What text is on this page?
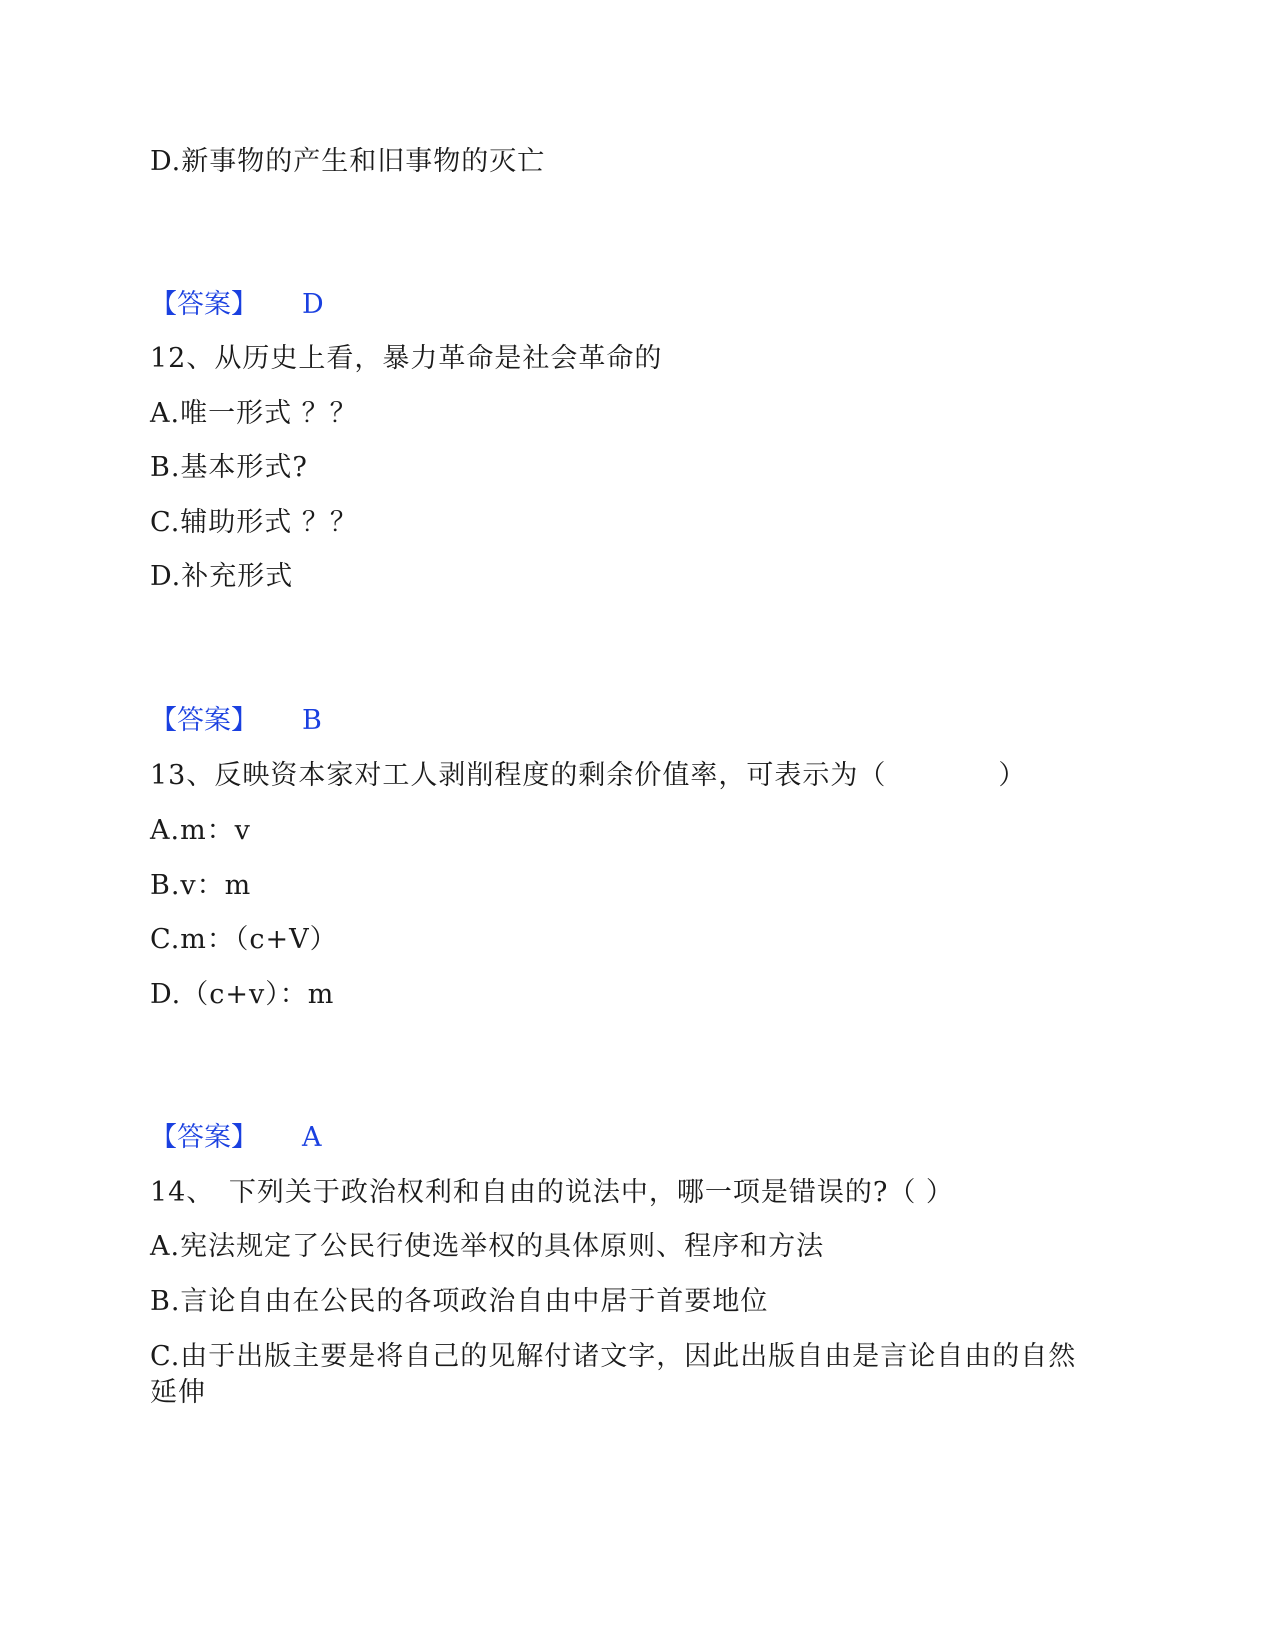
D.新事物的产生和旧事物的灭亡
【答案】 D
12、从历史上看，暴力革命是社会革命的
A.唯一形式 ？？
B.基本形式?
C.辅助形式 ？？
D.补充形式
【答案】 B
13、反映资本家对工人剥削程度的剩余价值率，可表示为（　　　　）
A.m：v
B.v：m
C.m：（c+V）
D.（c+v）：m
【答案】 A
14、　下列关于政治权利和自由的说法中，哪一项是错误的?（ ）
A.宪法规定了公民行使选举权的具体原则、程序和方法
B.言论自由在公民的各项政治自由中居于首要地位
C.由于出版主要是将自己的见解付诸文字，因此出版自由是言论自由的自然
延伸
